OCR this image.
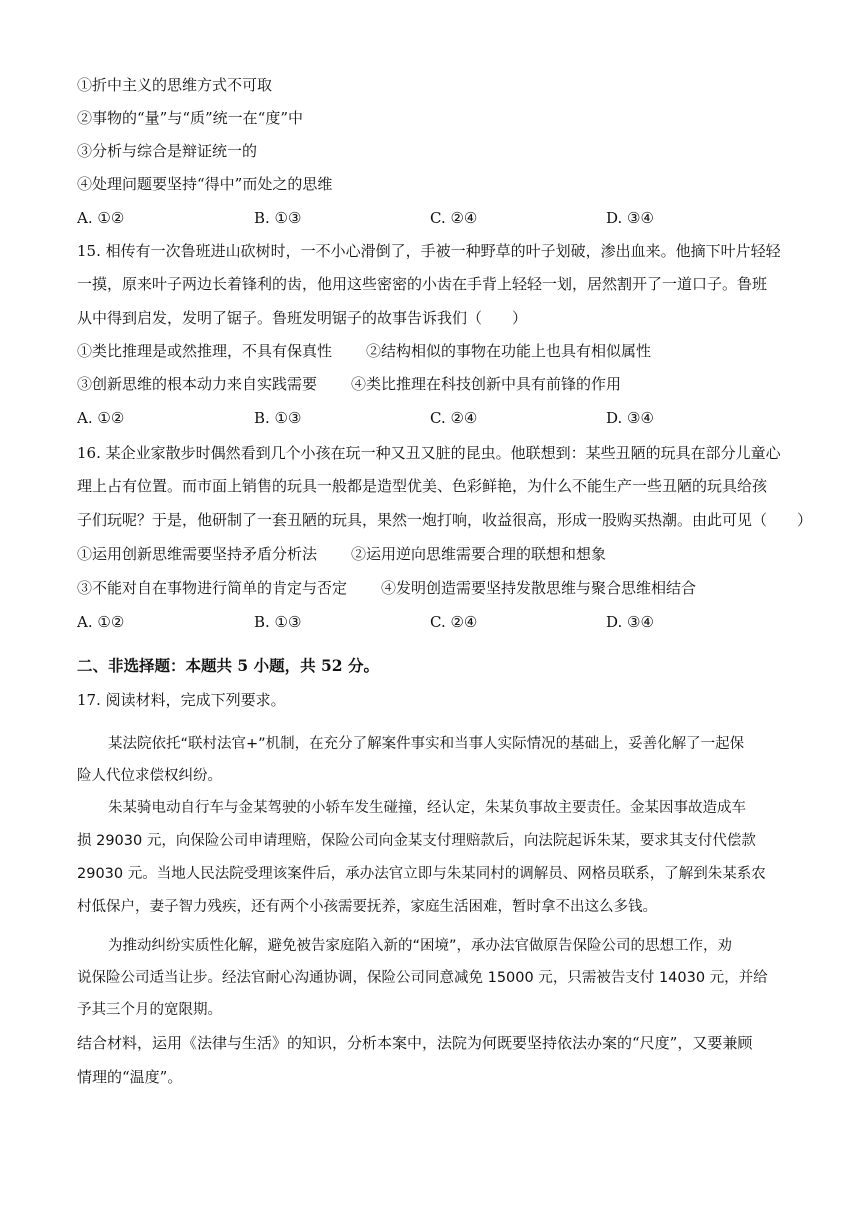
①折中主义的思维方式不可取
②事物的“量”与“质”统一在“度”中
③分析与综合是辩证统一的
④处理问题要坚持“得中”而处之的思维
A. ①②	B. ①③	C. ②④	D. ③④
15. 相传有一次鲁班进山砍树时，一不小心滑倒了，手被一种野草的叶子划破，渗出血来。他摘下叶片轻轻
一摸，原来叶子两边长着锋利的齿，他用这些密密的小齿在手背上轻轻一划，居然割开了一道口子。鲁班
从中得到启发，发明了锯子。鲁班发明锯子的故事告诉我们（　　）
①类比推理是或然推理，不具有保真性 ②结构相似的事物在功能上也具有相似属性
③创新思维的根本动力来自实践需要 ④类比推理在科技创新中具有前锋的作用
A. ①②	B. ①③	C. ②④	D. ③④
16. 某企业家散步时偶然看到几个小孩在玩一种又丑又脏的昆虫。他联想到：某些丑陋的玩具在部分儿童心
理上占有位置。而市面上销售的玩具一般都是造型优美、色彩鲜艳，为什么不能生产一些丑陋的玩具给孩
子们玩呢？于是，他研制了一套丑陋的玩具，果然一炮打响，收益很高，形成一股购买热潮。由此可见（　　）
①运用创新思维需要坚持矛盾分析法 ②运用逆向思维需要合理的联想和想象
③不能对自在事物进行简单的肯定与否定 ④发明创造需要坚持发散思维与聚合思维相结合
A. ①②	B. ①③	C. ②④	D. ③④
二、非选择题：本题共 5 小题，共 52 分。
17. 阅读材料，完成下列要求。
某法院依托“联村法官+”机制，在充分了解案件事实和当事人实际情况的基础上，妥善化解了一起保
险人代位求偿权纠纷。
朱某骑电动自行车与金某驾驶的小轿车发生碰撞，经认定，朱某负事故主要责任。金某因事故造成车
损 29030 元，向保险公司申请理赔，保险公司向金某支付理赔款后，向法院起诉朱某，要求其支付代偿款
29030 元。当地人民法院受理该案件后，承办法官立即与朱某同村的调解员、网格员联系，了解到朱某系农
村低保户，妻子智力残疾，还有两个小孩需要抚养，家庭生活困难，暂时拿不出这么多钱。
为推动纠纷实质性化解，避免被告家庭陷入新的“困境”，承办法官做原告保险公司的思想工作，劝
说保险公司适当让步。经法官耐心沟通协调，保险公司同意减免 15000 元，只需被告支付 14030 元，并给
予其三个月的宽限期。
结合材料，运用《法律与生活》的知识，分析本案中，法院为何既要坚持依法办案的“尺度”，又要兼顾
情理的“温度”。
